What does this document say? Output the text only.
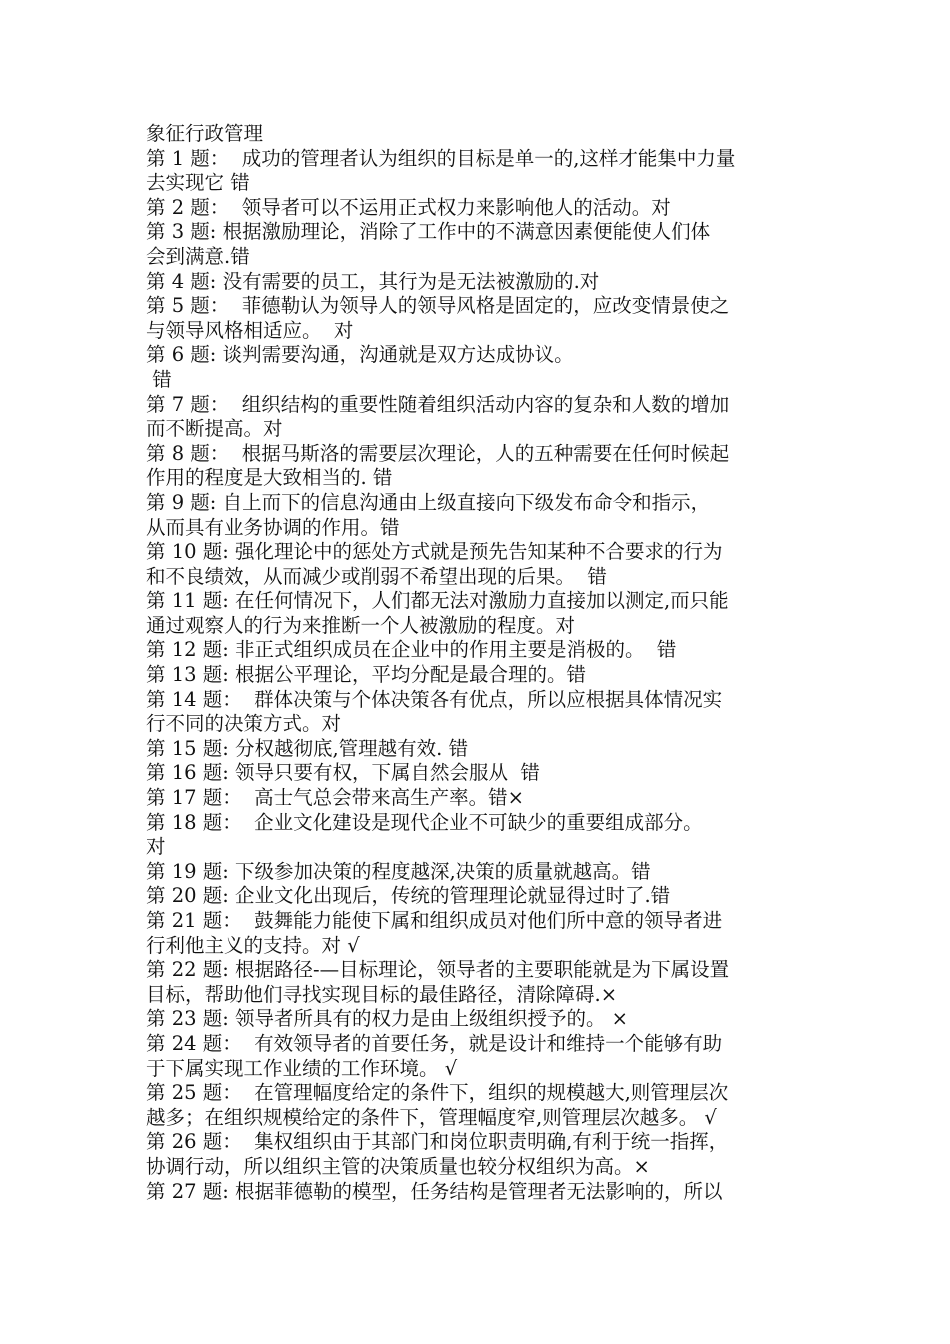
象征行政管理
第 1 题：  成功的管理者认为组织的目标是单一的,这样才能集中力量
去实现它 错
第 2 题：  领导者可以不运用正式权力来影响他人的活动。对
第 3 题: 根据激励理论，消除了工作中的不满意因素便能使人们体
会到满意.错
第 4 题: 没有需要的员工，其行为是无法被激励的.对
第 5 题：  菲德勒认为领导人的领导风格是固定的，应改变情景使之
与领导风格相适应。  对
第 6 题: 谈判需要沟通，沟通就是双方达成协议。
错
第 7 题：  组织结构的重要性随着组织活动内容的复杂和人数的增加
而不断提高。对
第 8 题：  根据马斯洛的需要层次理论，人的五种需要在任何时候起
作用的程度是大致相当的. 错
第 9 题: 自上而下的信息沟通由上级直接向下级发布命令和指示，
从而具有业务协调的作用。错
第 10 题: 强化理论中的惩处方式就是预先告知某种不合要求的行为
和不良绩效，从而减少或削弱不希望出现的后果。  错
第 11 题: 在任何情况下，人们都无法对激励力直接加以测定,而只能
通过观察人的行为来推断一个人被激励的程度。对
第 12 题: 非正式组织成员在企业中的作用主要是消极的。  错
第 13 题: 根据公平理论，平均分配是最合理的。错
第 14 题：  群体决策与个体决策各有优点，所以应根据具体情况实
行不同的决策方式。对
第 15 题: 分权越彻底,管理越有效. 错
第 16 题: 领导只要有权，下属自然会服从  错
第 17 题：  高士气总会带来高生产率。错×
第 18 题：  企业文化建设是现代企业不可缺少的重要组成部分。
对
第 19 题: 下级参加决策的程度越深,决策的质量就越高。错
第 20 题: 企业文化出现后，传统的管理理论就显得过时了.错
第 21 题：  鼓舞能力能使下属和组织成员对他们所中意的领导者进
行利他主义的支持。对 √
第 22 题: 根据路径-—目标理论，领导者的主要职能就是为下属设置
目标，帮助他们寻找实现目标的最佳路径，清除障碍.×
第 23 题: 领导者所具有的权力是由上级组织授予的。 ×
第 24 题：  有效领导者的首要任务，就是设计和维持一个能够有助
于下属实现工作业绩的工作环境。 √
第 25 题：  在管理幅度给定的条件下，组织的规模越大,则管理层次
越多；在组织规模给定的条件下，管理幅度窄,则管理层次越多。 √
第 26 题：  集权组织由于其部门和岗位职责明确,有利于统一指挥，
协调行动，所以组织主管的决策质量也较分权组织为高。×
第 27 题: 根据菲德勒的模型，任务结构是管理者无法影响的，所以
